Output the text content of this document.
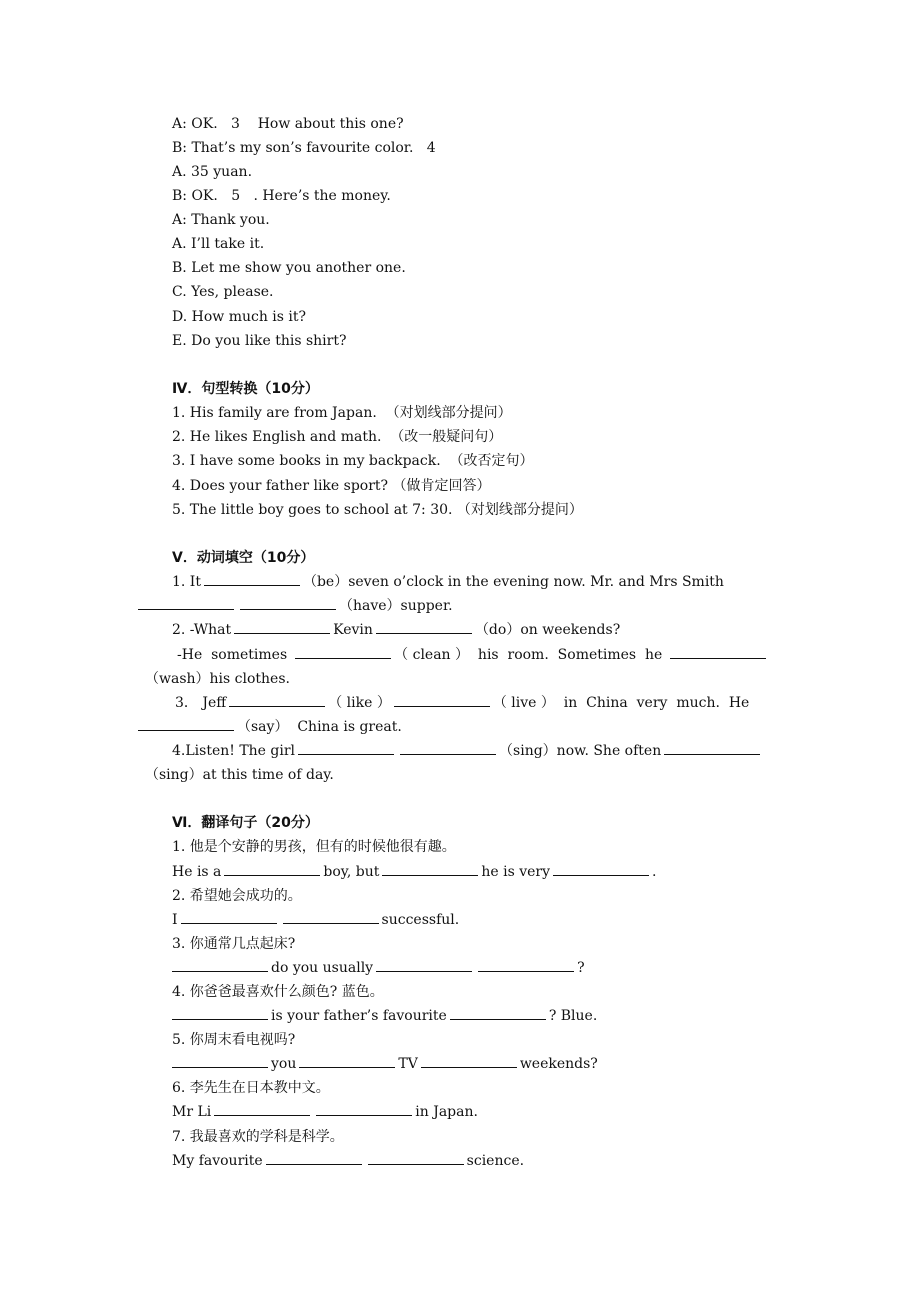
A: OK.   3    How about this one?
B: That’s my son’s favourite color.   4
A. 35 yuan.
B: OK.   5   . Here’s the money.
A: Thank you.
A. I’ll take it.
B. Let me show you another one.
C. Yes, please.
D. How much is it?
E. Do you like this shirt?
Ⅳ．句型转换（10分）
1. His family are from Japan.  （对划线部分提问）
2. He likes English and math.  （改一般疑问句）
3. I have some books in my backpack.  （改否定句）
4. Does your father like sport? （做肯定回答）
5. The little boy goes to school at 7: 30. （对划线部分提问）
Ⅴ．动词填空（10分）
1. It	（be）seven o’clock in the evening now. Mr. and Mrs Smith
（have）supper.
2. -What	Kevin	（do）on weekends?
-He  sometimes	（ clean ）  his  room.  Sometimes  he
（wash）his clothes.
3． Jeff	（ like ）	（ live ）  in  China  very  much.  He
（say）  China is great.
4.Listen! The girl	（sing）now. She often
（sing）at this time of day.
Ⅵ．翻译句子（20分）
1. 他是个安静的男孩，但有的时候他很有趣。
He is a	boy, but	he is very	.
2. 希望她会成功的。
I	successful.
3. 你通常几点起床?
do you usually	?
4. 你爸爸最喜欢什么颜色? 蓝色。
is your father’s favourite	? Blue.
5. 你周末看电视吗?
you	TV	weekends?
6. 李先生在日本教中文。
Mr Li	in Japan.
7. 我最喜欢的学科是科学。
My favourite	science.
